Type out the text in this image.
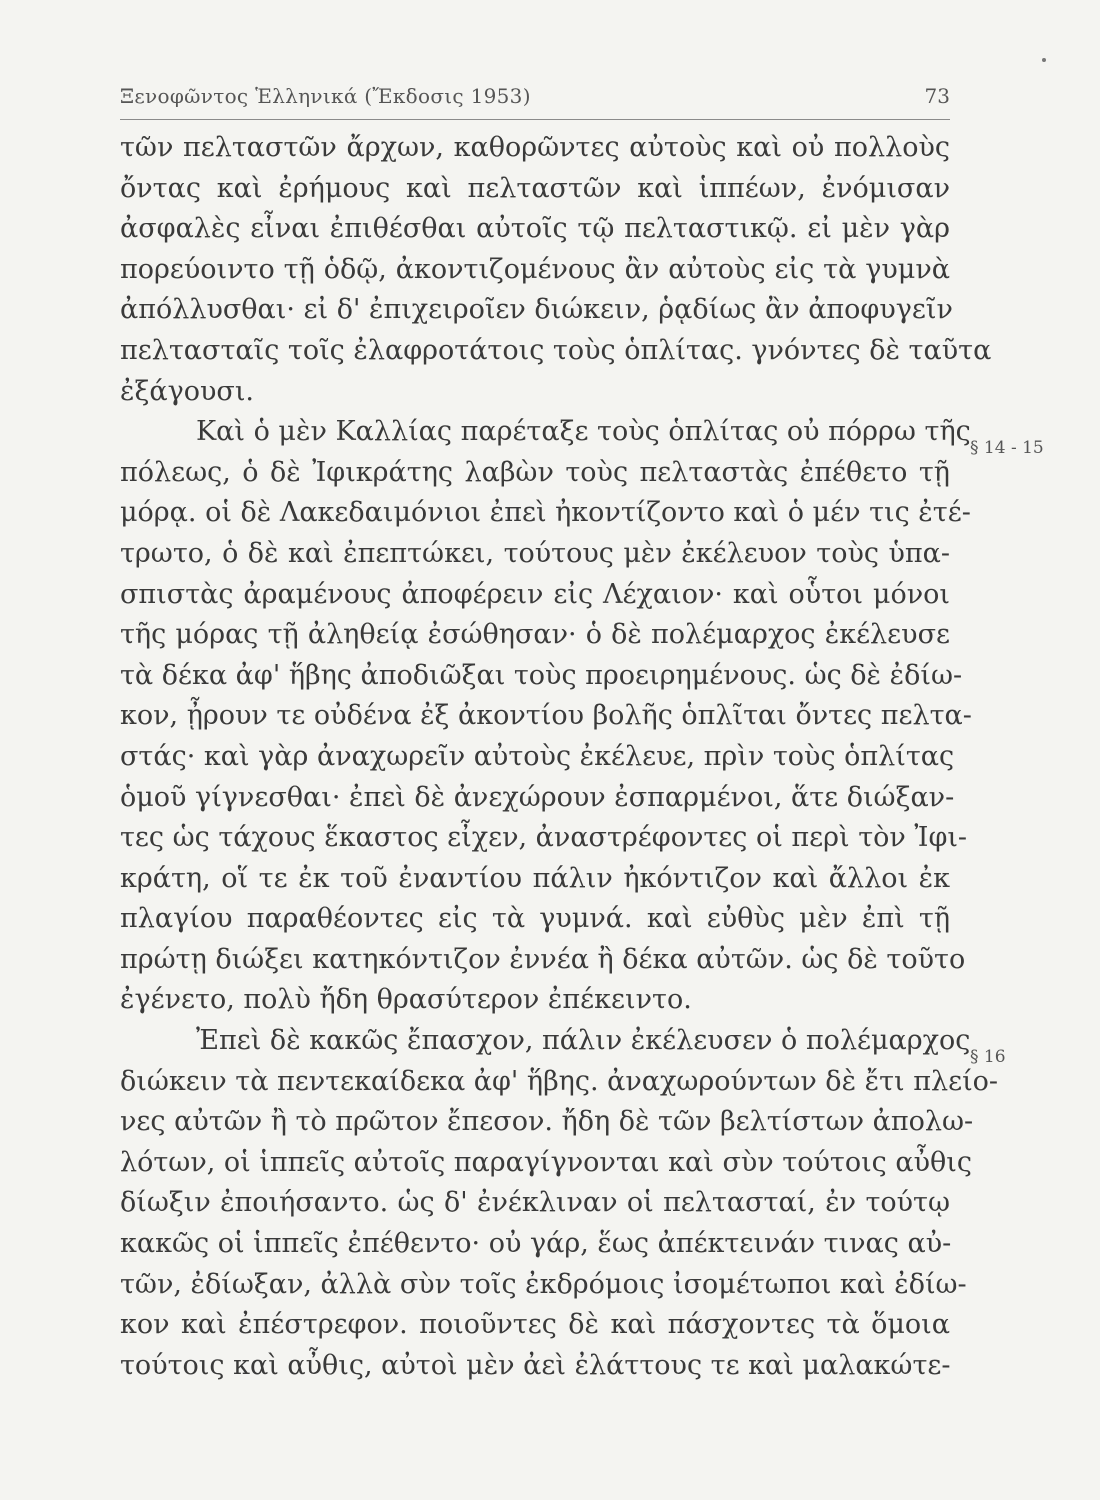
Ξενοφῶντος Ἑλληνικά (Ἔκδοσις 1953)	73
τῶν πελταστῶν ἄρχων, καθορῶντες αὐτοὺς καὶ οὐ πολλοὺς
ὄντας καὶ ἐρήμους καὶ πελταστῶν καὶ ἱππέων, ἐνόμισαν
ἀσφαλὲς εἶναι ἐπιθέσθαι αὐτοῖς τῷ πελταστικῷ. εἰ μὲν γὰρ
πορεύοιντο τῇ ὁδῷ, ἀκοντιζομένους ἂν αὐτοὺς εἰς τὰ γυμνὰ
ἀπόλλυσθαι· εἰ δ' ἐπιχειροῖεν διώκειν, ῥᾳδίως ἂν ἀποφυγεῖν
πελτασταῖς τοῖς ἐλαφροτάτοις τοὺς ὁπλίτας. γνόντες δὲ ταῦτα
ἐξάγουσι.
Καὶ ὁ μὲν Καλλίας παρέταξε τοὺς ὁπλίτας οὐ πόρρω τῆς
πόλεως, ὁ δὲ Ἰφικράτης λαβὼν τοὺς πελταστὰς ἐπέθετο τῇ
μόρᾳ. οἱ δὲ Λακεδαιμόνιοι ἐπεὶ ἠκοντίζοντο καὶ ὁ μέν τις ἐτέ-
τρωτο, ὁ δὲ καὶ ἐπεπτώκει, τούτους μὲν ἐκέλευον τοὺς ὑπα-
σπιστὰς ἀραμένους ἀποφέρειν εἰς Λέχαιον· καὶ οὗτοι μόνοι
τῆς μόρας τῇ ἀληθείᾳ ἐσώθησαν· ὁ δὲ πολέμαρχος ἐκέλευσε
τὰ δέκα ἀφ' ἥβης ἀποδιῶξαι τοὺς προειρημένους. ὡς δὲ ἐδίω-
κον, ᾖρουν τε οὐδένα ἐξ ἀκοντίου βολῆς ὁπλῖται ὄντες πελτα-
στάς· καὶ γὰρ ἀναχωρεῖν αὐτοὺς ἐκέλευε, πρὶν τοὺς ὁπλίτας
ὁμοῦ γίγνεσθαι· ἐπεὶ δὲ ἀνεχώρουν ἐσπαρμένοι, ἅτε διώξαν-
τες ὡς τάχους ἕκαστος εἶχεν, ἀναστρέφοντες οἱ περὶ τὸν Ἰφι-
κράτη, οἵ τε ἐκ τοῦ ἐναντίου πάλιν ἠκόντιζον καὶ ἄλλοι ἐκ
πλαγίου παραθέοντες εἰς τὰ γυμνά. καὶ εὐθὺς μὲν ἐπὶ τῇ
πρώτῃ διώξει κατηκόντιζον ἐννέα ἢ δέκα αὐτῶν. ὡς δὲ τοῦτο
ἐγένετο, πολὺ ἤδη θρασύτερον ἐπέκειντο.
Ἐπεὶ δὲ κακῶς ἔπασχον, πάλιν ἐκέλευσεν ὁ πολέμαρχος
διώκειν τὰ πεντεκαίδεκα ἀφ' ἥβης. ἀναχωρούντων δὲ ἔτι πλείο-
νες αὐτῶν ἢ τὸ πρῶτον ἔπεσον. ἤδη δὲ τῶν βελτίστων ἀπολω-
λότων, οἱ ἱππεῖς αὐτοῖς παραγίγνονται καὶ σὺν τούτοις αὖθις
δίωξιν ἐποιήσαντο. ὡς δ' ἐνέκλιναν οἱ πελτασταί, ἐν τούτῳ
κακῶς οἱ ἱππεῖς ἐπέθεντο· οὐ γάρ, ἕως ἀπέκτεινάν τινας αὐ-
τῶν, ἐδίωξαν, ἀλλὰ σὺν τοῖς ἐκδρόμοις ἰσομέτωποι καὶ ἐδίω-
κον καὶ ἐπέστρεφον. ποιοῦντες δὲ καὶ πάσχοντες τὰ ὅμοια
τούτοις καὶ αὖθις, αὐτοὶ μὲν ἀεὶ ἐλάττους τε καὶ μαλακώτε-
§ 14 - 15
§ 16
